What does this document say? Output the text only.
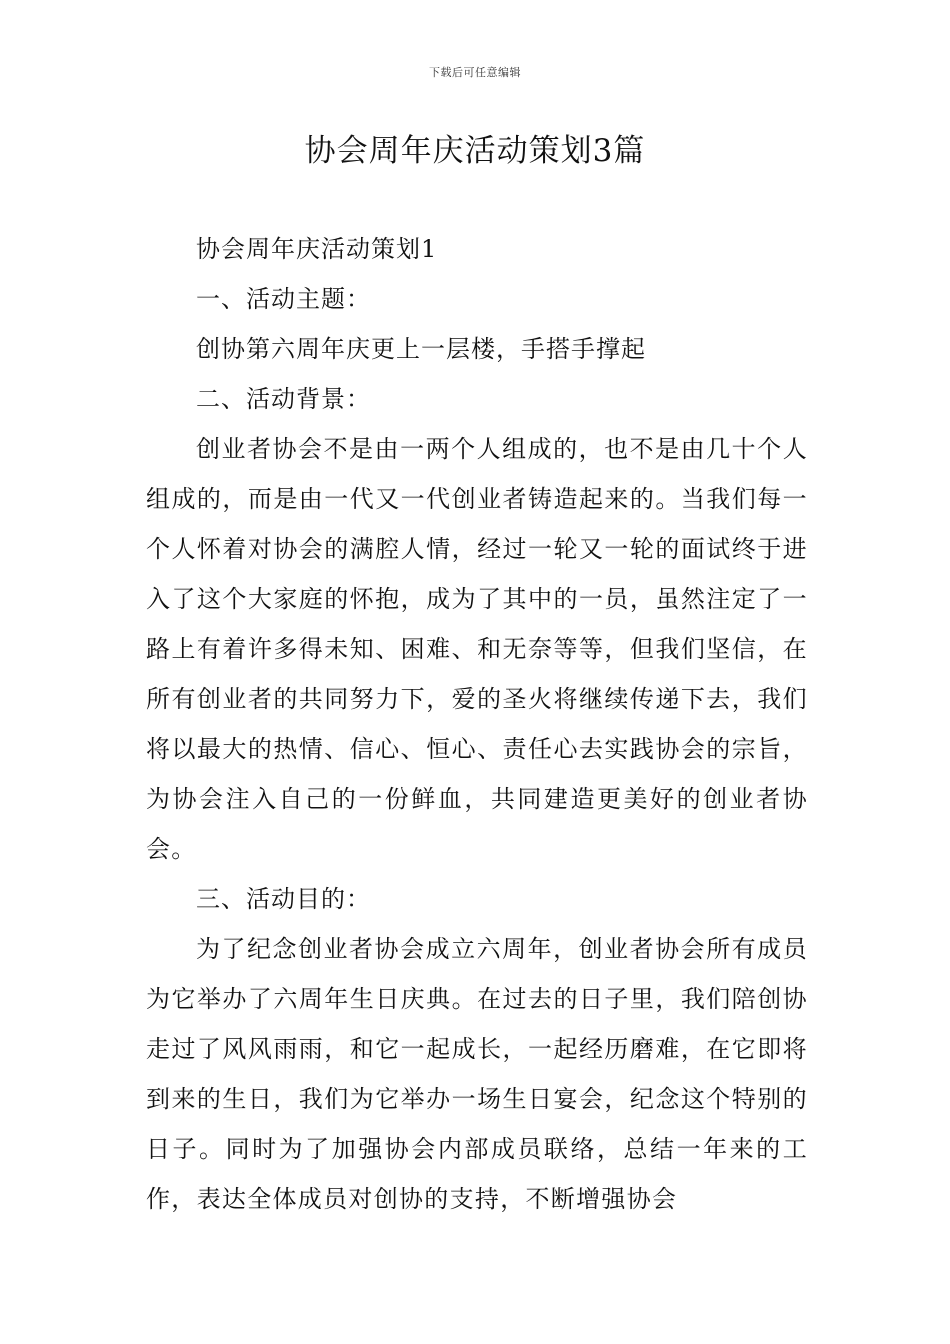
下载后可任意编辑
协会周年庆活动策划3篇

协会周年庆活动策划1

一、活动主题：

创协第六周年庆更上一层楼，手搭手撑起

二、活动背景：

创业者协会不是由一两个人组成的，也不是由几十个人组成的，而是由一代又一代创业者铸造起来的。当我们每一个人怀着对协会的满腔人情，经过一轮又一轮的面试终于进入了这个大家庭的怀抱，成为了其中的一员，虽然注定了一路上有着许多得未知、困难、和无奈等等，但我们坚信，在所有创业者的共同努力下，爱的圣火将继续传递下去，我们将以最大的热情、信心、恒心、责任心去实践协会的宗旨，为协会注入自己的一份鲜血，共同建造更美好的创业者协会。

三、活动目的：

为了纪念创业者协会成立六周年，创业者协会所有成员为它举办了六周年生日庆典。在过去的日子里，我们陪创协走过了风风雨雨，和它一起成长，一起经历磨难，在它即将到来的生日，我们为它举办一场生日宴会，纪念这个特别的日子。同时为了加强协会内部成员联络，总结一年来的工作，表达全体成员对创协的支持，不断增强协会
